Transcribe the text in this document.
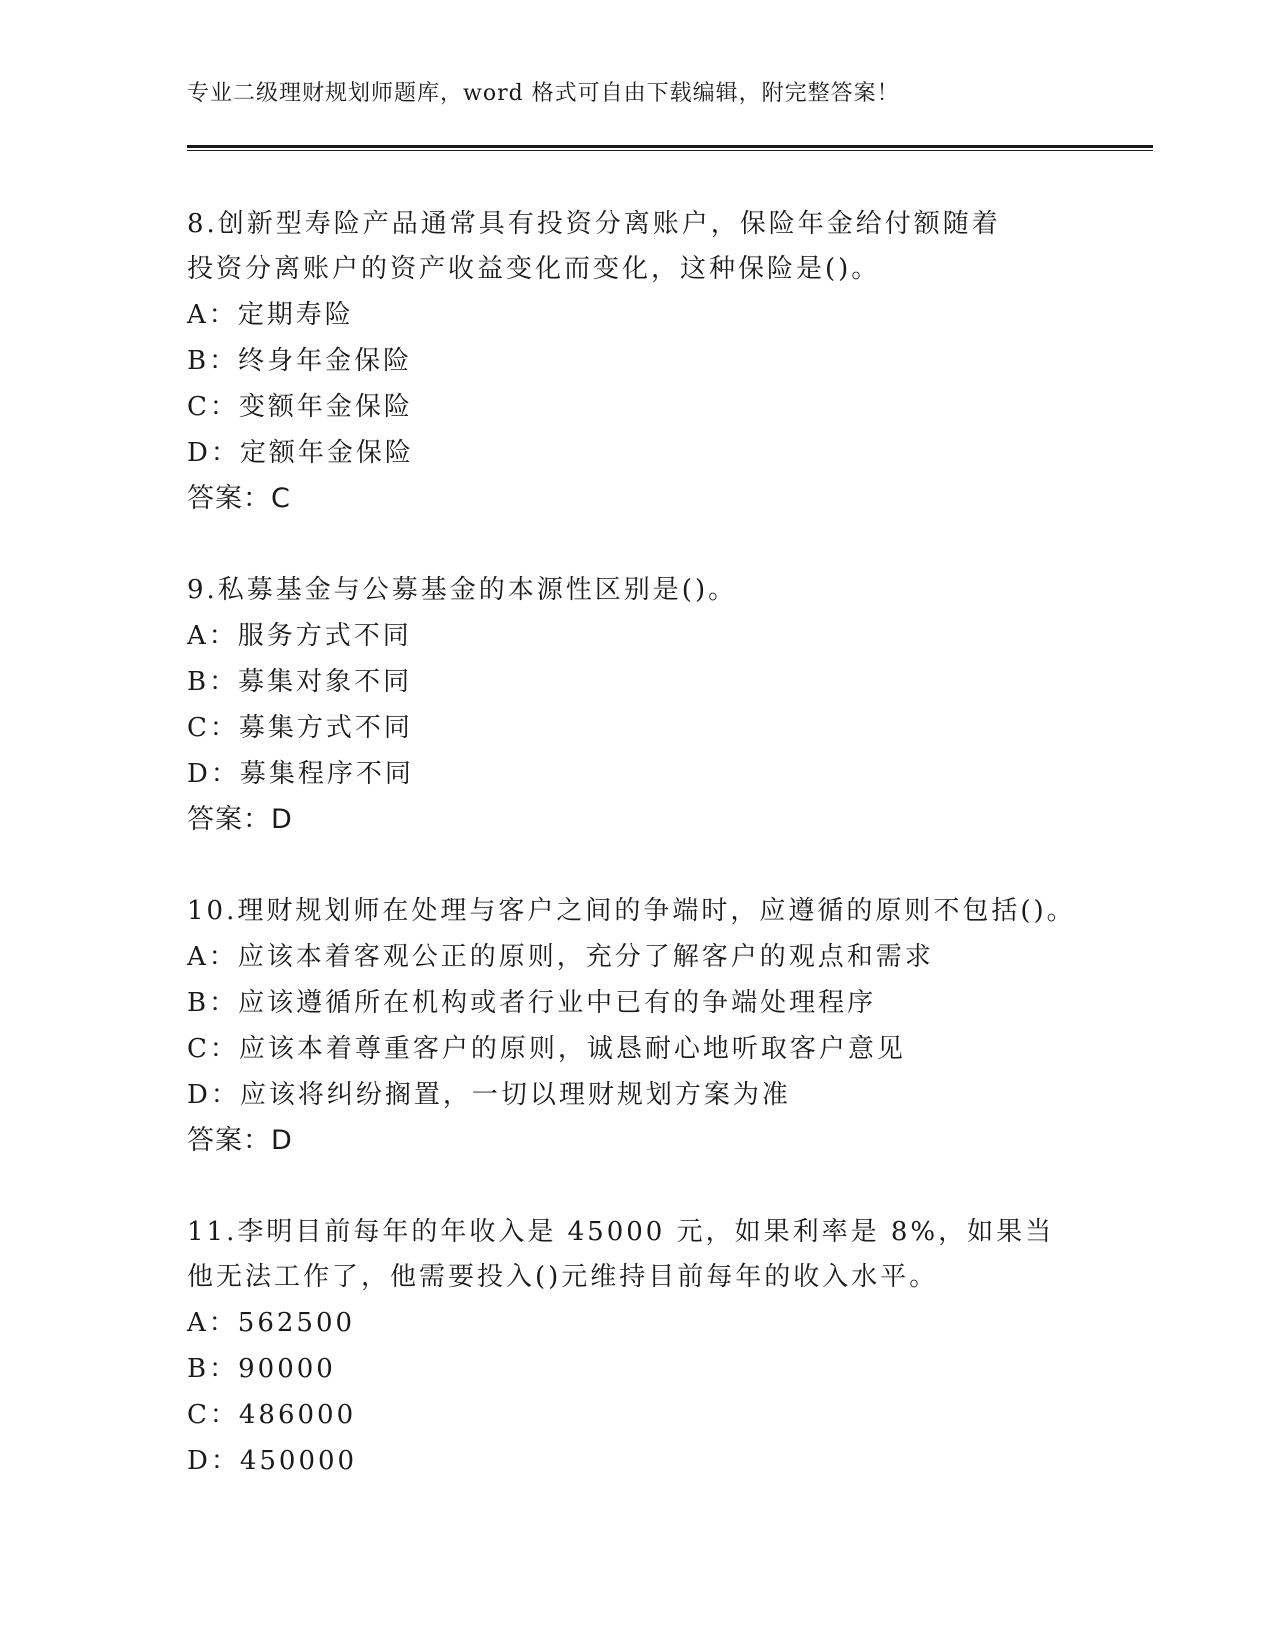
专业二级理财规划师题库，word 格式可自由下载编辑，附完整答案！
8.创新型寿险产品通常具有投资分离账户，保险年金给付额随着投资分离账户的资产收益变化而变化，这种保险是()。
A：定期寿险
B：终身年金保险
C：变额年金保险
D：定额年金保险
答案：C
9.私募基金与公募基金的本源性区别是()。
A：服务方式不同
B：募集对象不同
C：募集方式不同
D：募集程序不同
答案：D
10.理财规划师在处理与客户之间的争端时，应遵循的原则不包括()。
A：应该本着客观公正的原则，充分了解客户的观点和需求
B：应该遵循所在机构或者行业中已有的争端处理程序
C：应该本着尊重客户的原则，诚恳耐心地听取客户意见
D：应该将纠纷搁置，一切以理财规划方案为准
答案：D
11.李明目前每年的年收入是 45000 元，如果利率是 8%，如果当他无法工作了，他需要投入()元维持目前每年的收入水平。
A：562500
B：90000
C：486000
D：450000
